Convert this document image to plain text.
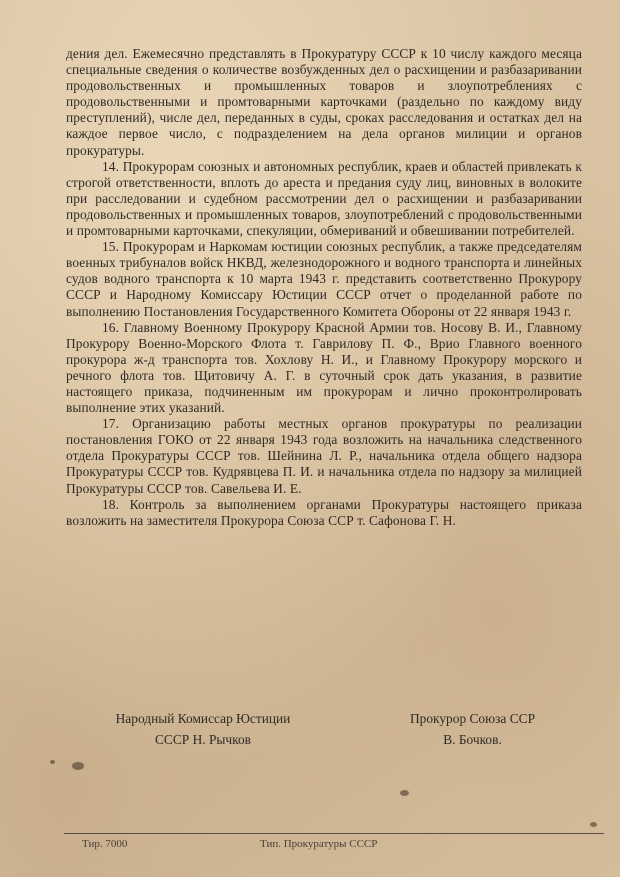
дения дел. Ежемесячно представлять в Прокуратуру СССР к 10 числу каждого месяца специальные сведения о количестве возбужденных дел о расхищении и разбазаривании продовольственных и промышленных товаров и злоупотреблениях с продовольственными и промтоварными карточками (раздельно по каждому виду преступлений), числе дел, переданных в суды, сроках расследования и остатках дел на каждое первое число, с подразделением на дела органов милиции и органов прокуратуры.

14. Прокурорам союзных и автономных республик, краев и областей привлекать к строгой ответственности, вплоть до ареста и предания суду лиц, виновных в волоките при расследовании и судебном рассмотрении дел о расхищении и разбазаривании продовольственных и промышленных товаров, злоупотреблений с продовольственными и промтоварными карточками, спекуляции, обмериваний и обвешивании потребителей.

15. Прокурорам и Наркомам юстиции союзных республик, а также председателям военных трибуналов войск НКВД, железнодорожного и водного транспорта и линейных судов водного транспорта к 10 марта 1943 г. представить соответственно Прокурору СССР и Народному Комиссару Юстиции СССР отчет о проделанной работе по выполнению Постановления Государственного Комитета Обороны от 22 января 1943 г.

16. Главному Военному Прокурору Красной Армии тов. Носову В. И., Главному Прокурору Военно-Морского Флота т. Гаврилову П. Ф., Врио Главного военного прокурора ж-д транспорта тов. Хохлову Н. И., и Главному Прокурору морского и речного флота тов. Щитовичу А. Г. в суточный срок дать указания, в развитие настоящего приказа, подчиненным им прокурорам и лично проконтролировать выполнение этих указаний.

17. Организацию работы местных органов прокуратуры по реализации постановления ГОКО от 22 января 1943 года возложить на начальника следственного отдела Прокуратуры СССР тов. Шейнина Л. Р., начальника отдела общего надзора Прокуратуры СССР тов. Кудрявцева П. И. и начальника отдела по надзору за милицией Прокуратуры СССР тов. Савельева И. Е.

18. Контроль за выполнением органами Прокуратуры настоящего приказа возложить на заместителя Прокурора Союза ССР т. Сафонова Г. Н.

Народный Комиссар Юстиции
СССР Н. Рычков
Прокурор Союза ССР
В. Бочков.
Тир. 7000	Тип. Прокуратуры СССР
